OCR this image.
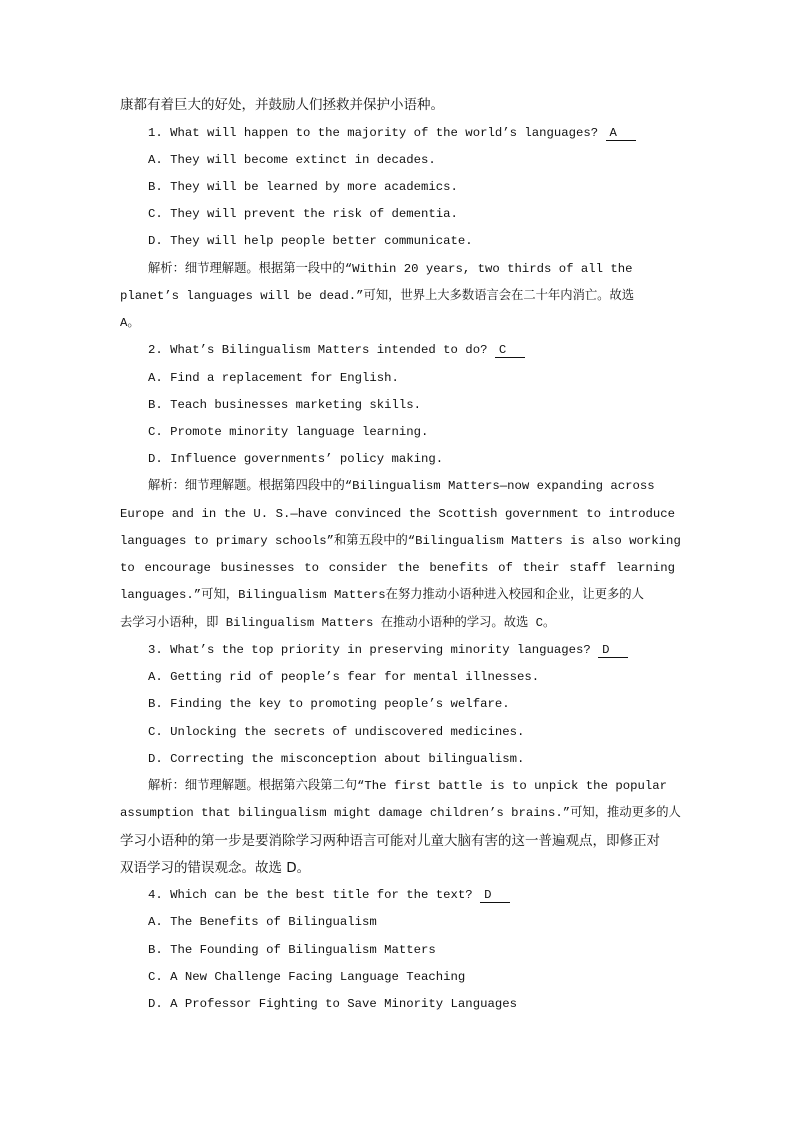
康都有着巨大的好处，并鼓励人们拯救并保护小语种。
1. What will happen to the majority of the world’s languages? A
A. They will become extinct in decades.
B. They will be learned by more academics.
C. They will prevent the risk of dementia.
D. They will help people better communicate.
解析：细节理解题。根据第一段中的“Within 20 years, two thirds of all the
planet’s languages will be dead.”可知，世界上大多数语言会在二十年内消亡。故选
A。
2. What’s Bilingualism Matters intended to do? C
A. Find a replacement for English.
B. Teach businesses marketing skills.
C. Promote minority language learning.
D. Influence governments’ policy making.
解析：细节理解题。根据第四段中的“Bilingualism Matters—now expanding across
Europe and in the U. S.—have convinced the Scottish government to introduce
languages to primary schools”和第五段中的“Bilingualism Matters is also working
to encourage businesses to consider the benefits of their staff learning
languages.”可知，Bilingualism Matters在努力推动小语种进入校园和企业，让更多的人
去学习小语种，即 Bilingualism Matters 在推动小语种的学习。故选 C。
3. What’s the top priority in preserving minority languages? D
A. Getting rid of people’s fear for mental illnesses.
B. Finding the key to promoting people’s welfare.
C. Unlocking the secrets of undiscovered medicines.
D. Correcting the misconception about bilingualism.
解析：细节理解题。根据第六段第二句“The first battle is to unpick the popular
assumption that bilingualism might damage children’s brains.”可知，推动更多的人
学习小语种的第一步是要消除学习两种语言可能对儿童大脑有害的这一普遍观点，即修正对
双语学习的错误观念。故选 D。
4. Which can be the best title for the text? D
A. The Benefits of Bilingualism
B. The Founding of Bilingualism Matters
C. A New Challenge Facing Language Teaching
D. A Professor Fighting to Save Minority Languages
